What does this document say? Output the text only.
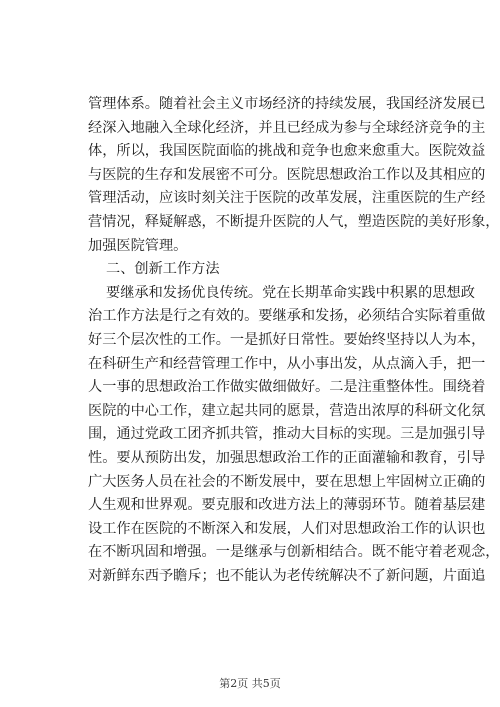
管理体系。随着社会主义市场经济的持续发展，我国经济发展已
经深入地融入全球化经济，并且已经成为参与全球经济竞争的主
体，所以，我国医院面临的挑战和竞争也愈来愈重大。医院效益
与医院的生存和发展密不可分。医院思想政治工作以及其相应的
管理活动，应该时刻关注于医院的改革发展，注重医院的生产经
营情况，释疑解惑，不断提升医院的人气，塑造医院的美好形象，
加强医院管理。
二、创新工作方法
要继承和发扬优良传统。党在长期革命实践中积累的思想政
治工作方法是行之有效的。要继承和发扬，必须结合实际着重做
好三个层次性的工作。一是抓好日常性。要始终坚持以人为本，
在科研生产和经营管理工作中，从小事出发，从点滴入手，把一
人一事的思想政治工作做实做细做好。二是注重整体性。围绕着
医院的中心工作，建立起共同的愿景，营造出浓厚的科研文化氛
围，通过党政工团齐抓共管，推动大目标的实现。三是加强引导
性。要从预防出发，加强思想政治工作的正面灌输和教育，引导
广大医务人员在社会的不断发展中，要在思想上牢固树立正确的
人生观和世界观。要克服和改进方法上的薄弱环节。随着基层建
设工作在医院的不断深入和发展，人们对思想政治工作的认识也
在不断巩固和增强。一是继承与创新相结合。既不能守着老观念，
对新鲜东西予瞻斥；也不能认为老传统解决不了新问题，片面追
第2页 共5页
